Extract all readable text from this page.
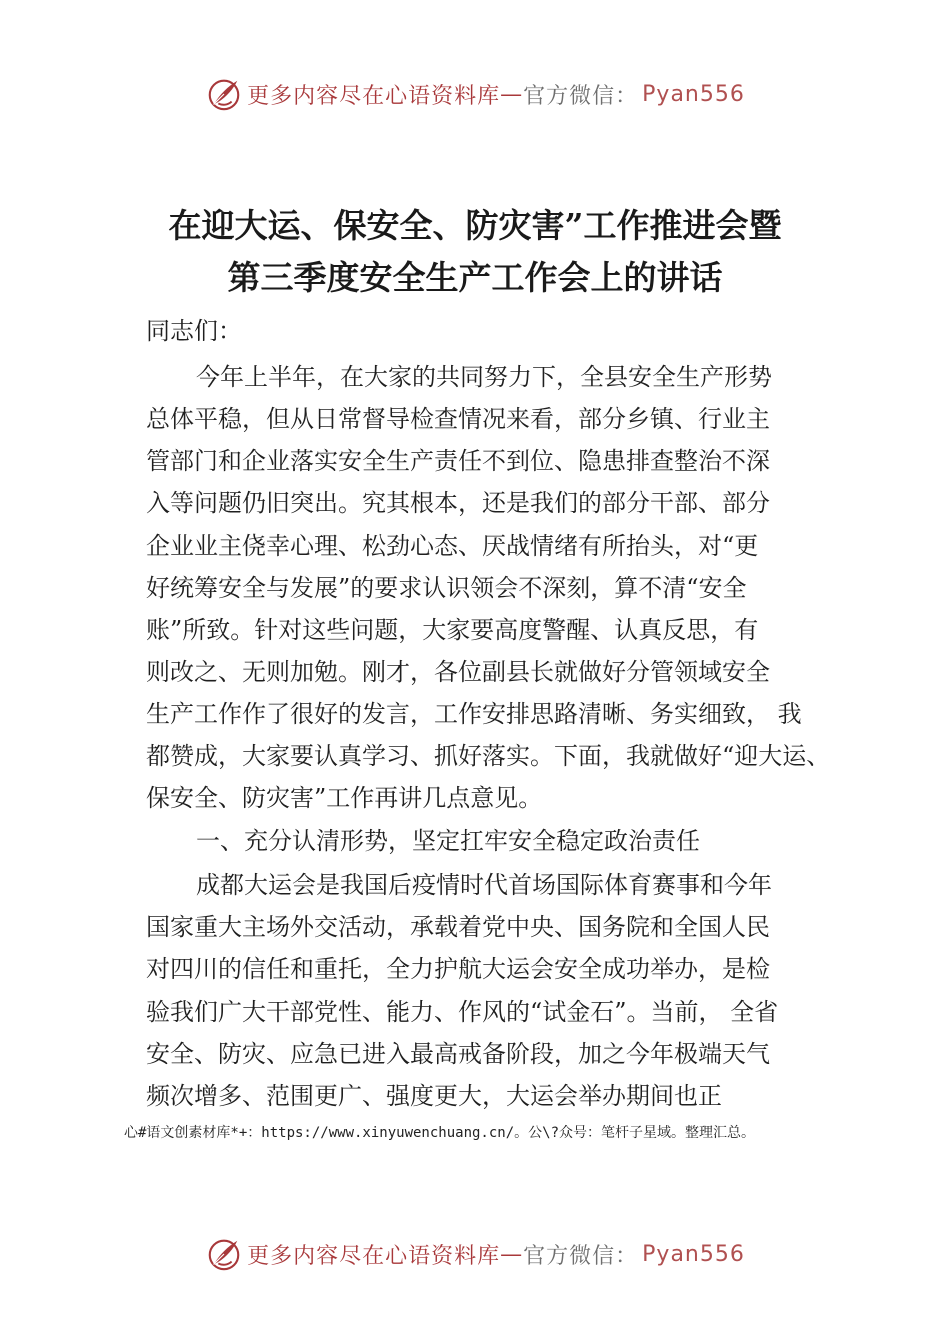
更多内容尽在心语资料库 — 官方微信： Pyan556
在迎大运、保安全、防灾害”工作推进会暨
第三季度安全生产工作会上的讲话
同志们：
今年上半年，在大家的共同努力下，全县安全生产形势
总体平稳，但从日常督导检查情况来看，部分乡镇、行业主
管部门和企业落实安全生产责任不到位、隐患排查整治不深
入等问题仍旧突出。究其根本，还是我们的部分干部、部分
企业业主侥幸心理、松劲心态、厌战情绪有所抬头，对“更
好统筹安全与发展”的要求认识领会不深刻，算不清“安全
账”所致。针对这些问题，大家要高度警醒、认真反思，有
则改之、无则加勉。刚才，各位副县长就做好分管领域安全
生产工作作了很好的发言，工作安排思路清晰、务实细致， 我
都赞成，大家要认真学习、抓好落实。下面，我就做好“迎大运、
保安全、防灾害”工作再讲几点意见。
一、充分认清形势，坚定扛牢安全稳定政治责任
成都大运会是我国后疫情时代首场国际体育赛事和今年
国家重大主场外交活动，承载着党中央、国务院和全国人民
对四川的信任和重托，全力护航大运会安全成功举办，是检
验我们广大干部党性、能力、作风的“试金石”。当前， 全省
安全、防灾、应急已进入最高戒备阶段，加之今年极端天气
频次增多、范围更广、强度更大，大运会举办期间也正
心#语文创素材库*+：https://www.xinyuwenchuang.cn/。公\?众号：笔杆子星域。整理汇总。
更多内容尽在心语资料库 — 官方微信： Pyan556
